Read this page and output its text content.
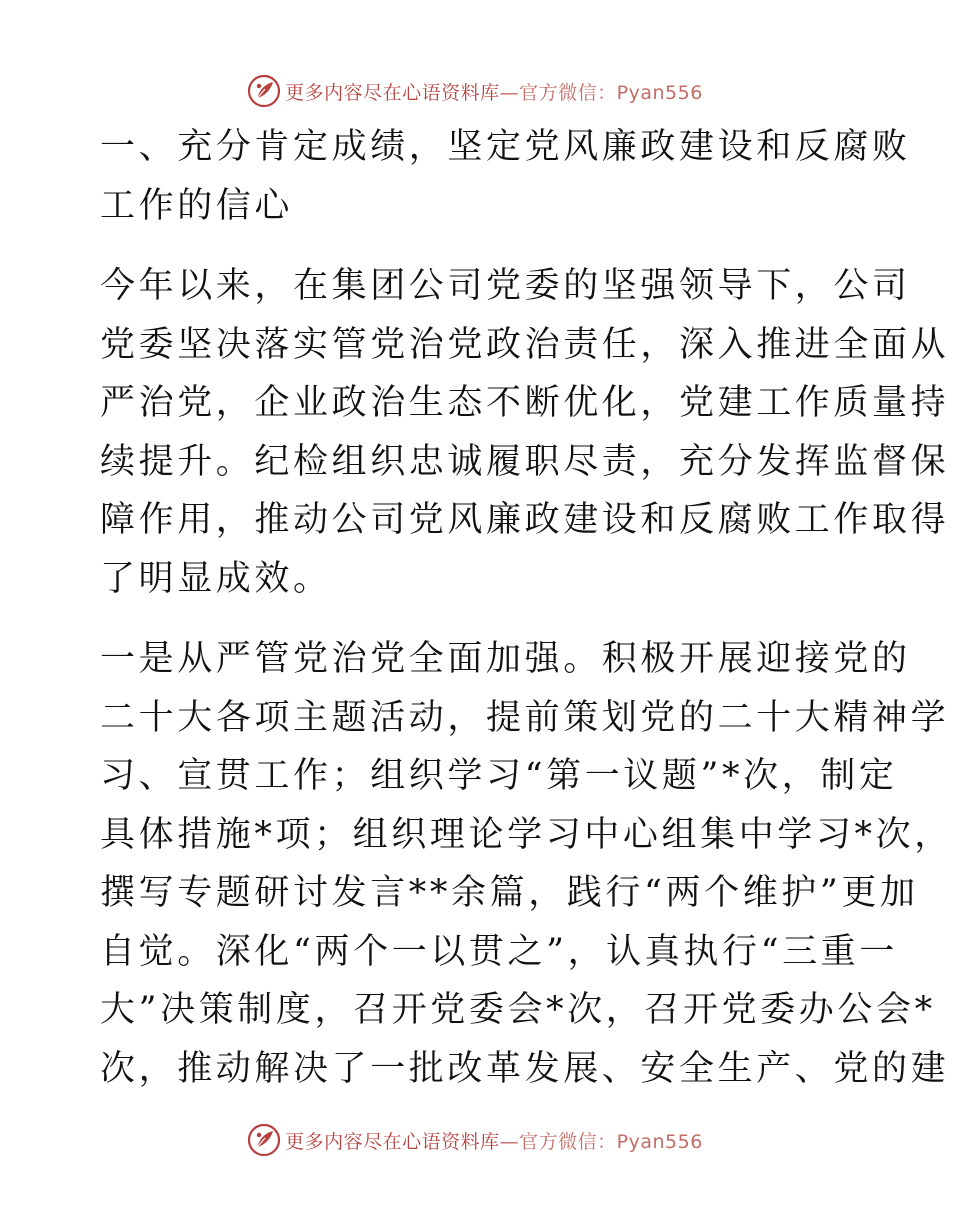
更多内容尽在心语资料库—官方微信：Pyan556
一、充分肯定成绩，坚定党风廉政建设和反腐败
工作的信心
今年以来，在集团公司党委的坚强领导下，公司
党委坚决落实管党治党政治责任，深入推进全面从
严治党，企业政治生态不断优化，党建工作质量持
续提升。纪检组织忠诚履职尽责，充分发挥监督保
障作用，推动公司党风廉政建设和反腐败工作取得
了明显成效。
一是从严管党治党全面加强。积极开展迎接党的
二十大各项主题活动，提前策划党的二十大精神学
习、宣贯工作；组织学习“第一议题”*次，制定
具体措施*项；组织理论学习中心组集中学习*次，
撰写专题研讨发言**余篇，践行“两个维护”更加
自觉。深化“两个一以贯之”，认真执行“三重一
大”决策制度，召开党委会*次，召开党委办公会*
次，推动解决了一批改革发展、安全生产、党的建
更多内容尽在心语资料库—官方微信：Pyan556
